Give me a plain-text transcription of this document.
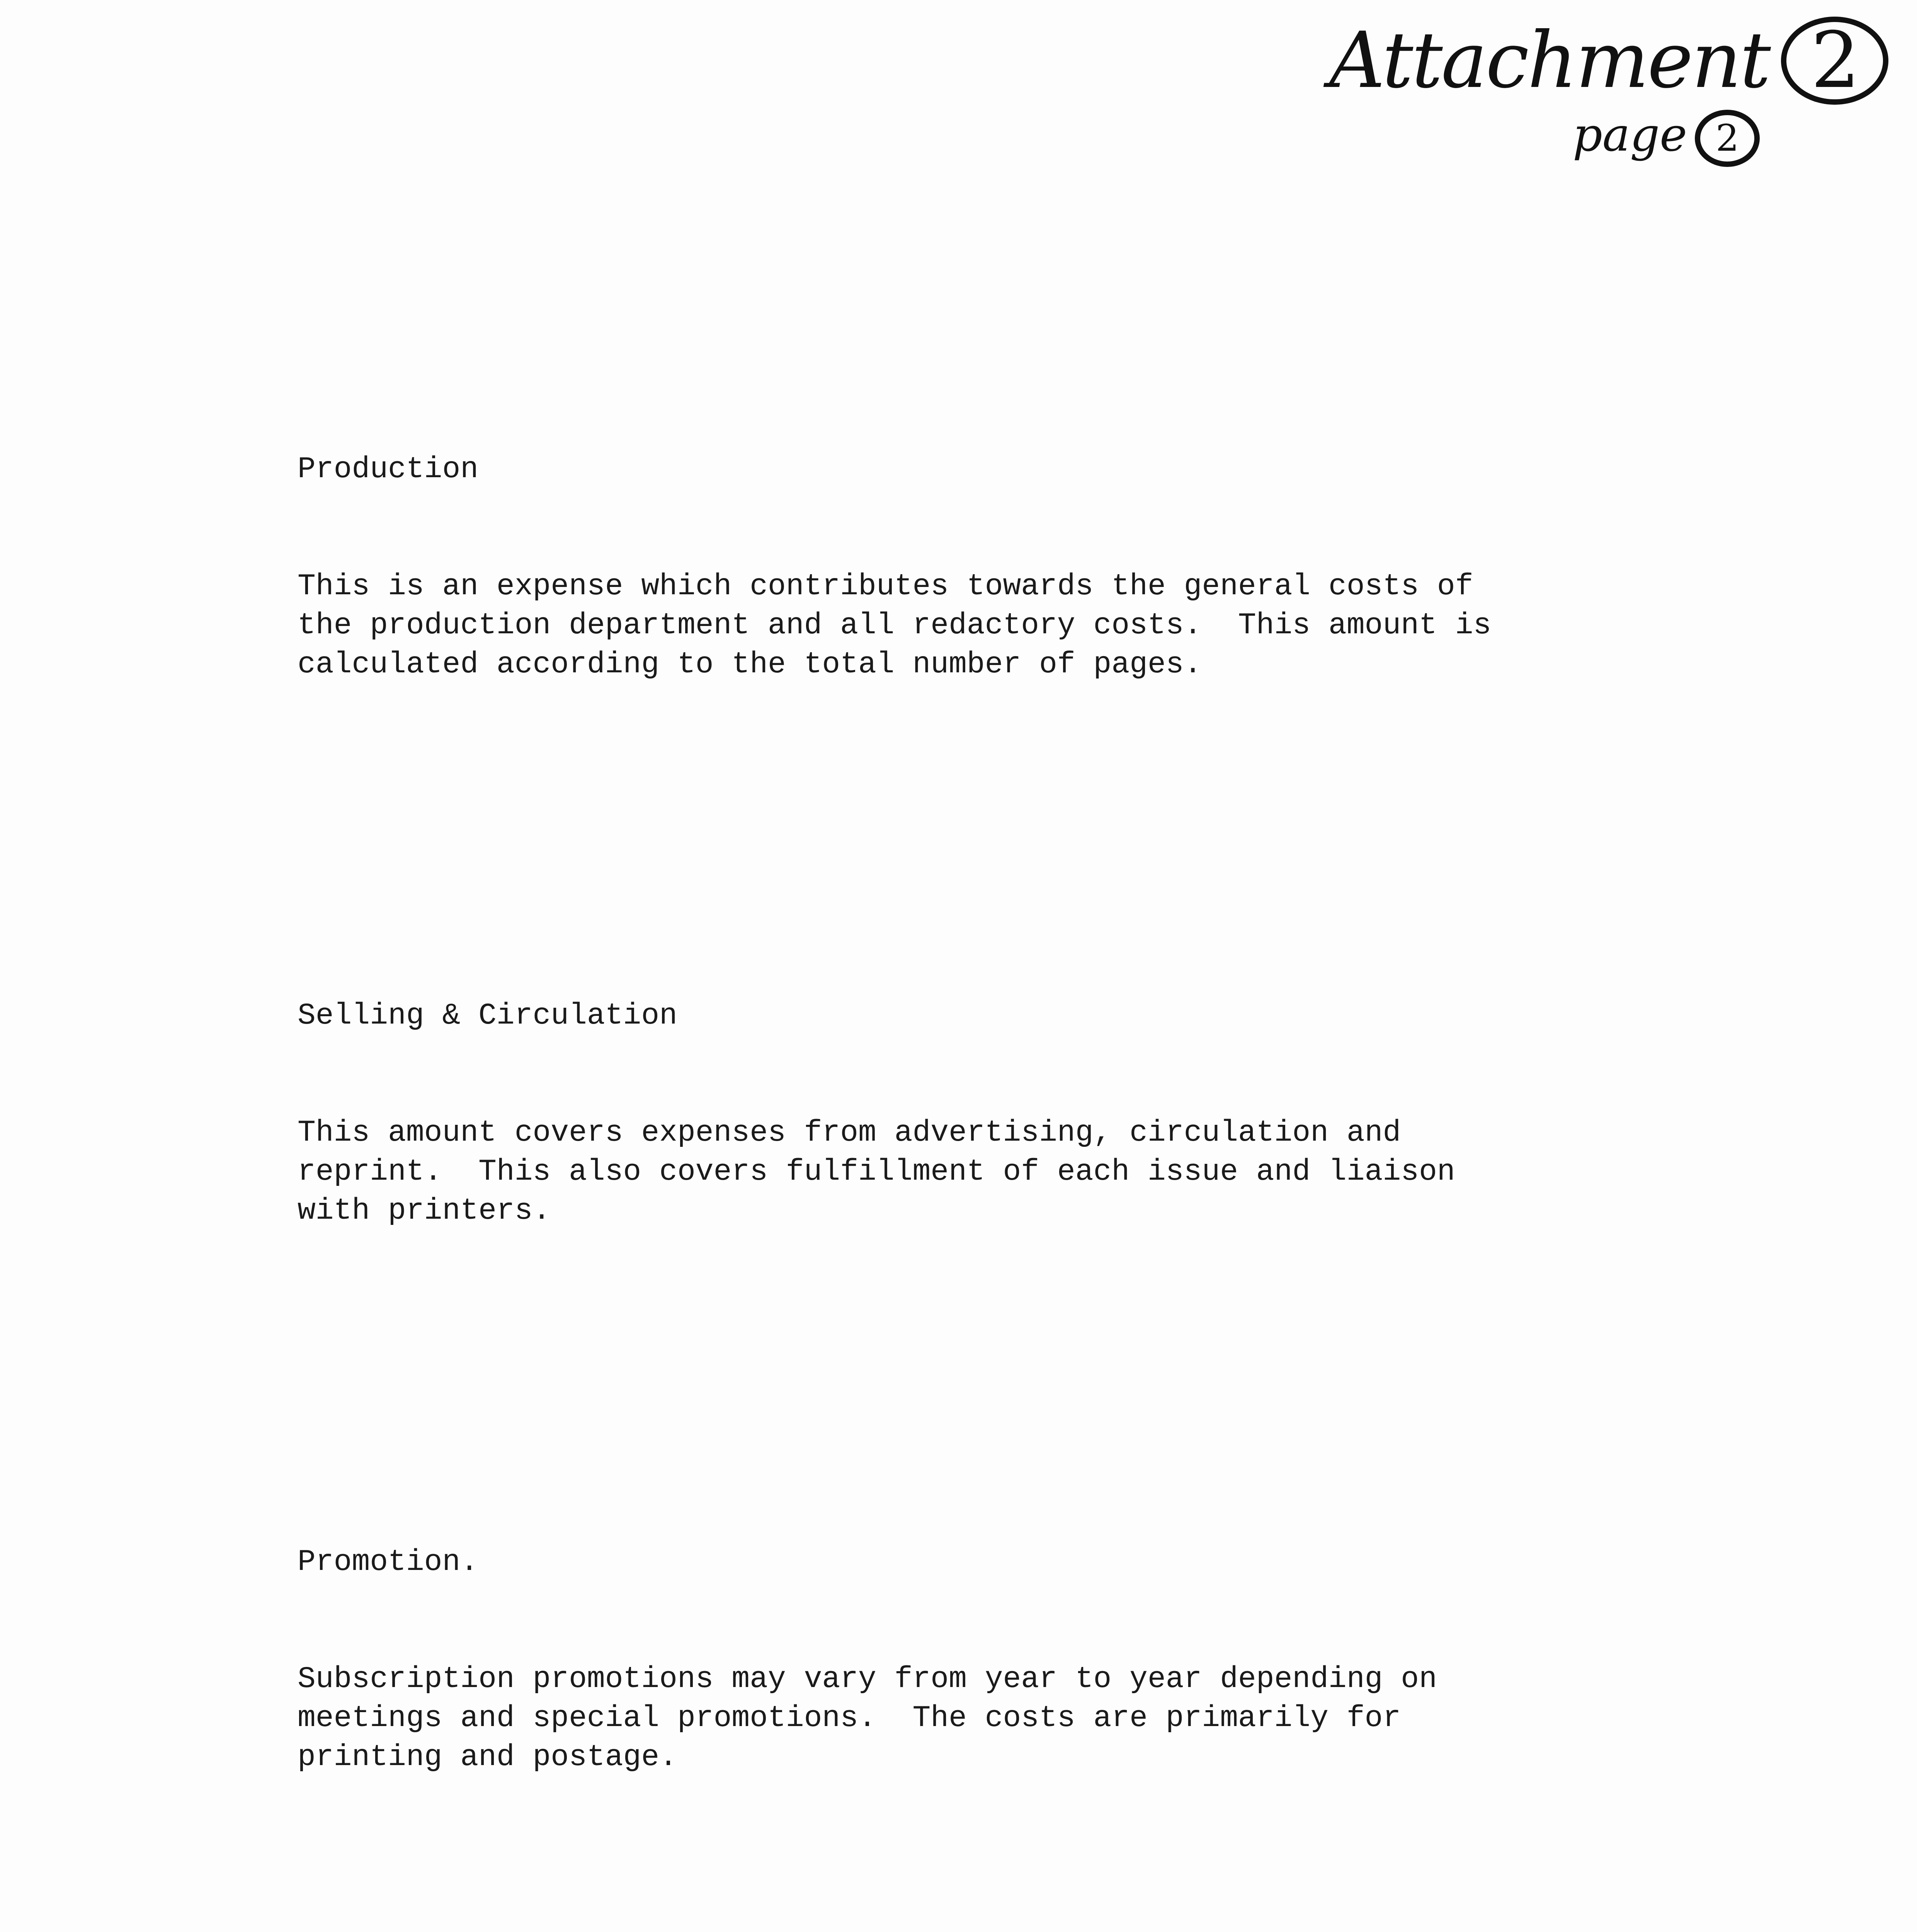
Attachment 2
page 2

Production

This is an expense which contributes towards the general costs of
the production department and all redactory costs.  This amount is
calculated according to the total number of pages.

Selling & Circulation

This amount covers expenses from advertising, circulation and
reprint.  This also covers fulfillment of each issue and liaison
with printers.

Promotion.

Subscription promotions may vary from year to year depending on
meetings and special promotions.  The costs are primarily for
printing and postage.
